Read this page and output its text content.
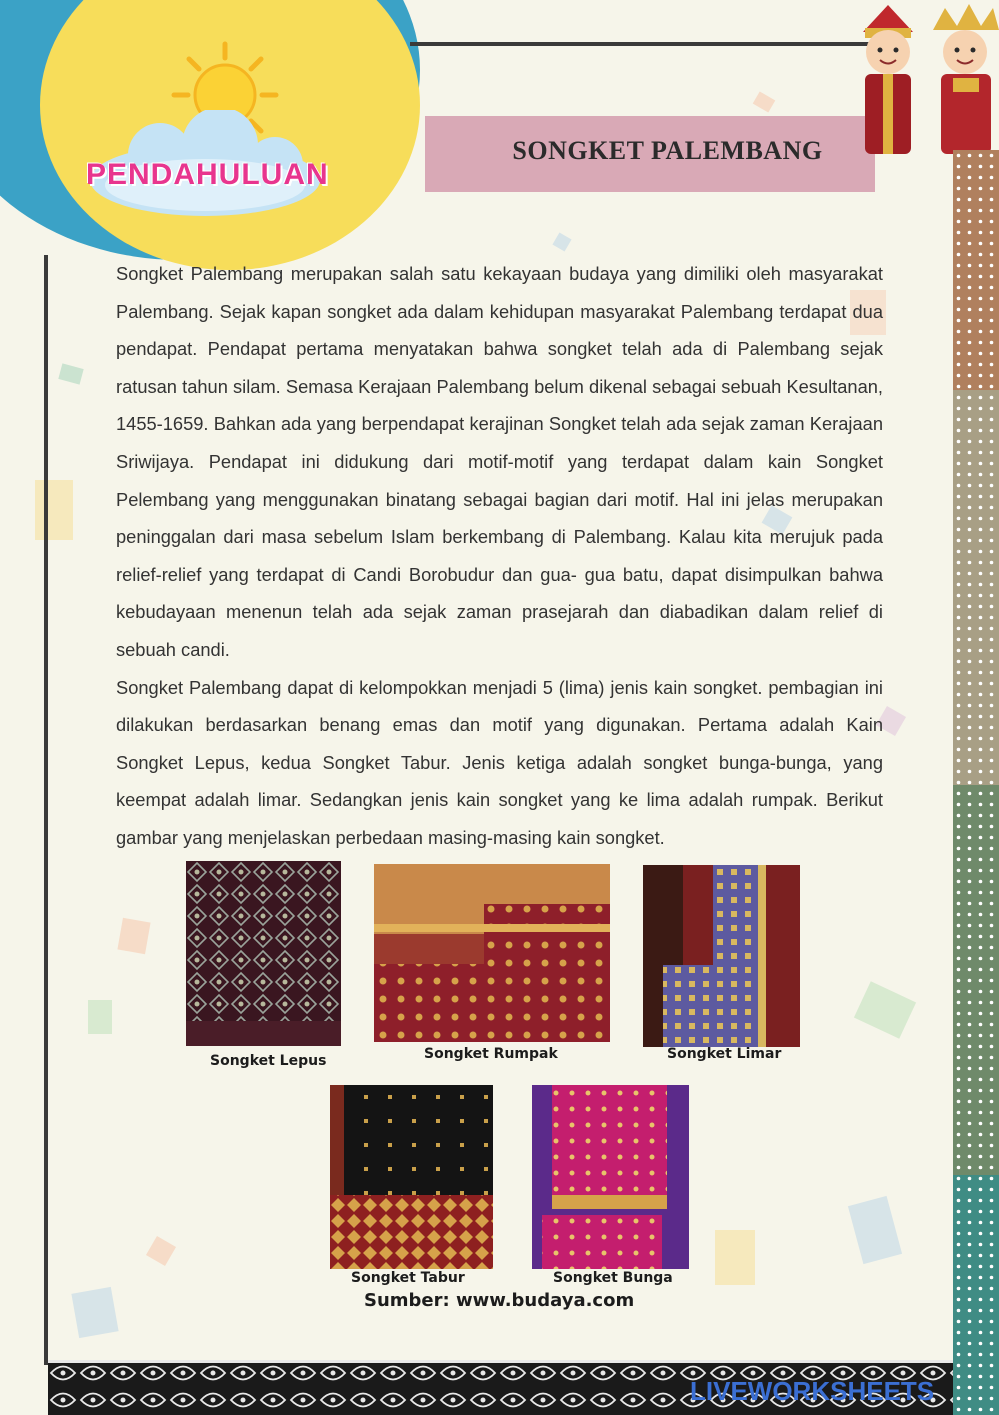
PENDAHULUAN
SONGKET PALEMBANG

Songket Palembang merupakan salah satu kekayaan budaya yang dimiliki oleh masyarakat Palembang. Sejak kapan songket ada dalam kehidupan masyarakat Palembang terdapat dua pendapat. Pendapat pertama menyatakan bahwa songket telah ada di Palembang sejak ratusan tahun silam. Semasa Kerajaan Palembang belum dikenal sebagai sebuah Kesultanan, 1455-1659. Bahkan ada yang berpendapat kerajinan Songket telah ada sejak zaman Kerajaan Sriwijaya. Pendapat ini didukung dari motif-motif yang terdapat dalam kain Songket Pelembang yang menggunakan binatang sebagai bagian dari motif. Hal ini jelas merupakan peninggalan dari masa sebelum Islam berkembang di Palembang. Kalau kita merujuk pada relief-relief yang terdapat di Candi Borobudur dan gua- gua batu, dapat disimpulkan bahwa kebudayaan menenun telah ada sejak zaman prasejarah dan diabadikan dalam relief di sebuah candi.

Songket Palembang dapat di kelompokkan menjadi 5 (lima) jenis kain songket. pembagian ini dilakukan berdasarkan benang emas dan motif yang digunakan. Pertama adalah Kain Songket Lepus, kedua Songket Tabur. Jenis ketiga adalah songket bunga-bunga, yang keempat adalah limar. Sedangkan jenis kain songket yang ke lima adalah rumpak. Berikut gambar yang menjelaskan perbedaan masing-masing kain songket.

Songket Lepus	Songket Rumpak	Songket Limar
Songket Tabur	Songket Bunga
Sumber: www.budaya.com
LIVEWORKSHEETS
